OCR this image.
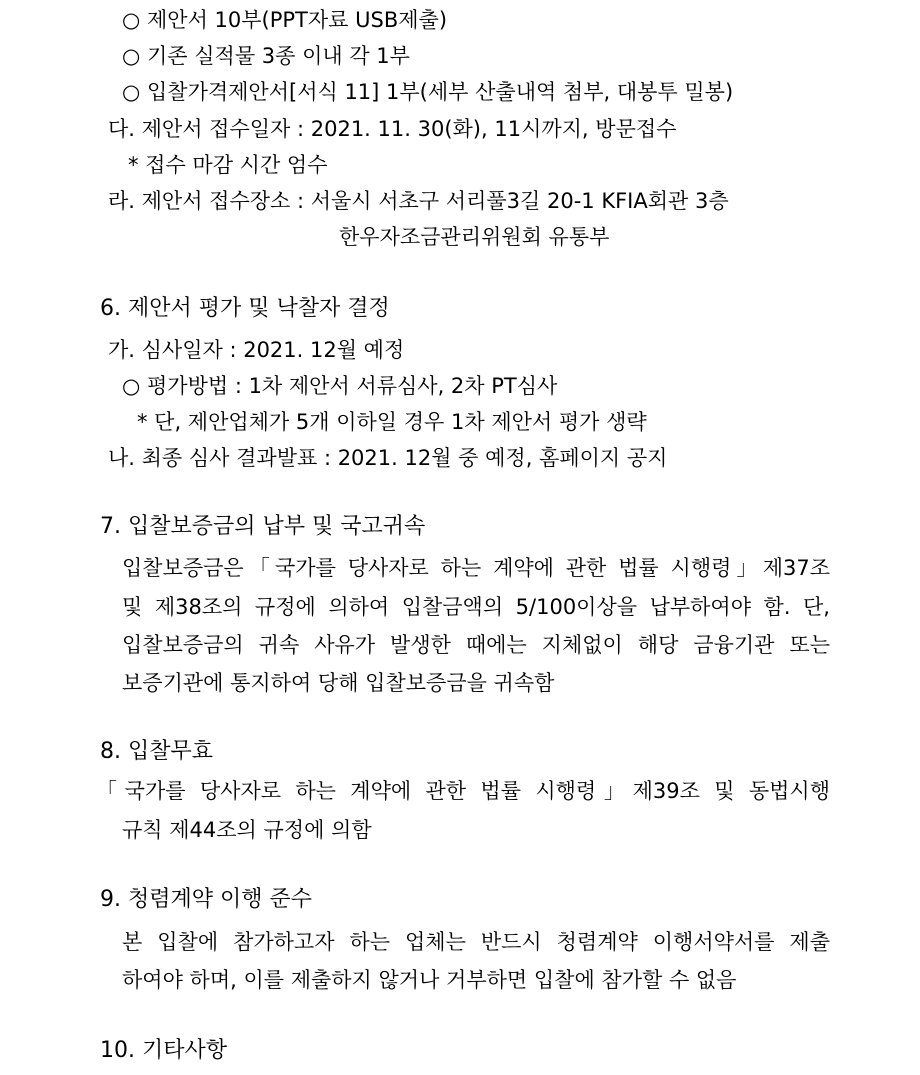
○ 제안서 10부(PPT자료 USB제출)
○ 기존 실적물 3종 이내 각 1부
○ 입찰가격제안서[서식 11] 1부(세부 산출내역 첨부, 대봉투 밀봉)
다. 제안서 접수일자 : 2021. 11. 30(화), 11시까지, 방문접수
* 접수 마감 시간 엄수
라. 제안서 접수장소 : 서울시 서초구 서리풀3길 20-1 KFIA회관 3층
한우자조금관리위원회 유통부
6. 제안서 평가 및 낙찰자 결정
가. 심사일자 : 2021. 12월 예정
○ 평가방법 : 1차 제안서 서류심사, 2차 PT심사
* 단, 제안업체가 5개 이하일 경우 1차 제안서 평가 생략
나. 최종 심사 결과발표 : 2021. 12월 중 예정, 홈페이지 공지
7. 입찰보증금의 납부 및 국고귀속
입찰보증금은「국가를 당사자로 하는 계약에 관한 법률 시행령」제37조
및 제38조의 규정에 의하여 입찰금액의 5/100이상을 납부하여야 함. 단,
입찰보증금의 귀속 사유가 발생한 때에는 지체없이 해당 금융기관 또는
보증기관에 통지하여 당해 입찰보증금을 귀속함
8. 입찰무효
「국가를 당사자로 하는 계약에 관한 법률 시행령」제39조 및 동법시행
규칙 제44조의 규정에 의함
9. 청렴계약 이행 준수
본 입찰에 참가하고자 하는 업체는 반드시 청렴계약 이행서약서를 제출
하여야 하며, 이를 제출하지 않거나 거부하면 입찰에 참가할 수 없음
10. 기타사항
